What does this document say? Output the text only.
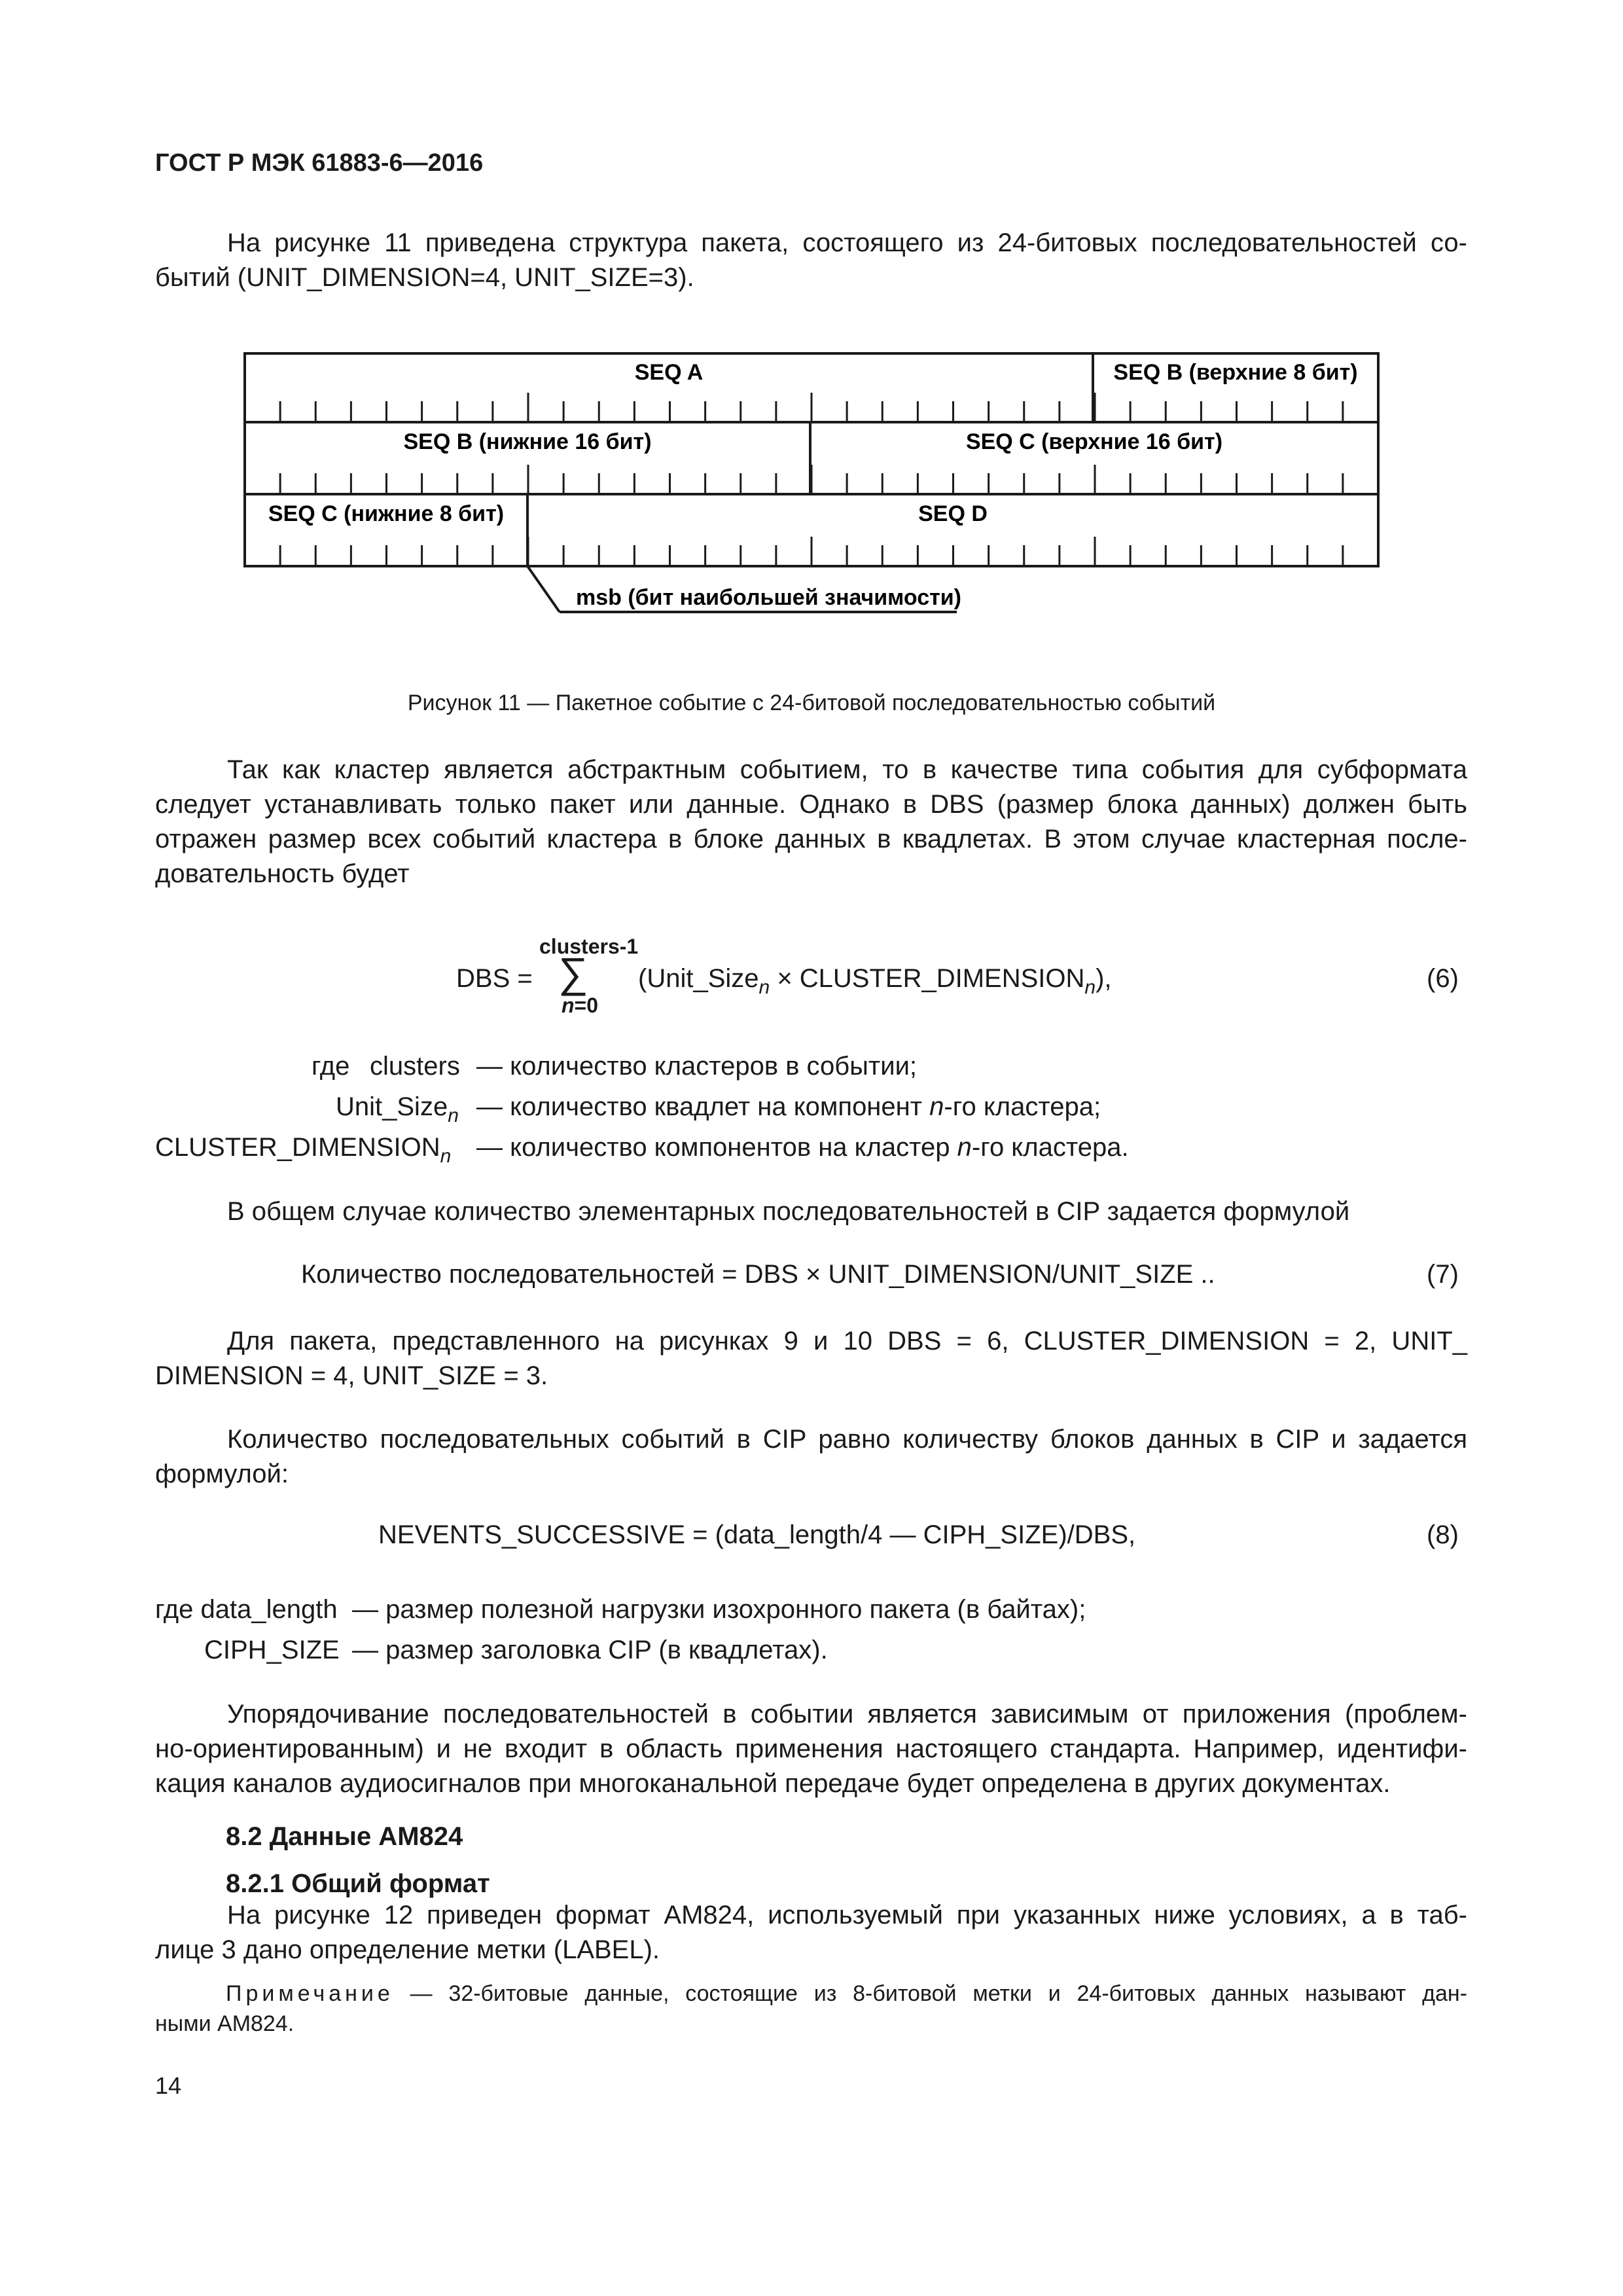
ГОСТ Р МЭК 61883-6—2016
На рисунке 11 приведена структура пакета, состоящего из 24-битовых последовательностей со-
бытий (UNIT_DIMENSION=4, UNIT_SIZE=3).
SEQ A	SEQ B (верхние 8 бит)
SEQ B (нижние 16 бит)	SEQ C (верхние 16 бит)
SEQ C (нижние 8 бит)	SEQ D
msb (бит наибольшей значимости)
Рисунок 11 — Пакетное событие с 24-битовой последовательностью событий
Так как кластер является абстрактным событием, то в качестве типа события для субформата
следует устанавливать только пакет или данные. Однако в DBS (размер блока данных) должен быть
отражен размер всех событий кластера в блоке данных в квадлетах. В этом случае кластерная после-
довательность будет
clusters-1
DBS = ∑
n=0
(Unit_Size$_n$ × $CLUSTER\_DIMENSION_n$),	(6)
где clusters — количество кластеров в событии;
Unit_Size$_n$ — количество квадлет на компонент n-го кластера;
$CLUSTER\_DIMENSION_n$ — количество компонентов на кластер n-го кластера.
В общем случае количество элементарных последовательностей в CIP задается формулой
Количество последовательностей = DBS × UNIT_DIMENSION/UNIT_SIZE ..	(7)
Для пакета, представленного на рисунках 9 и 10 DBS = 6, CLUSTER_DIMENSION = 2, UNIT_
DIMENSION = 4, UNIT_SIZE = 3.
Количество последовательных событий в CIP равно количеству блоков данных в CIP и задается
формулой:
NEVENTS_SUCCESSIVE = (data_length/4 — CIPH_SIZE)/DBS,	(8)
где data_length — размер полезной нагрузки изохронного пакета (в байтах);
CIPH_SIZE — размер заголовка CIP (в квадлетах).
Упорядочивание последовательностей в событии является зависимым от приложения (проблем-
но-ориентированным) и не входит в область применения настоящего стандарта. Например, идентифи-
кация каналов аудиосигналов при многоканальной передаче будет определена в других документах.
8.2 Данные АМ824
8.2.1 Общий формат
На рисунке 12 приведен формат АМ824, используемый при указанных ниже условиях, а в таб-
лице 3 дано определение метки (LABEL).
Примечание — 32-битовые данные, состоящие из 8-битовой метки и 24-битовых данных называют дан-
ными АМ824.
14
